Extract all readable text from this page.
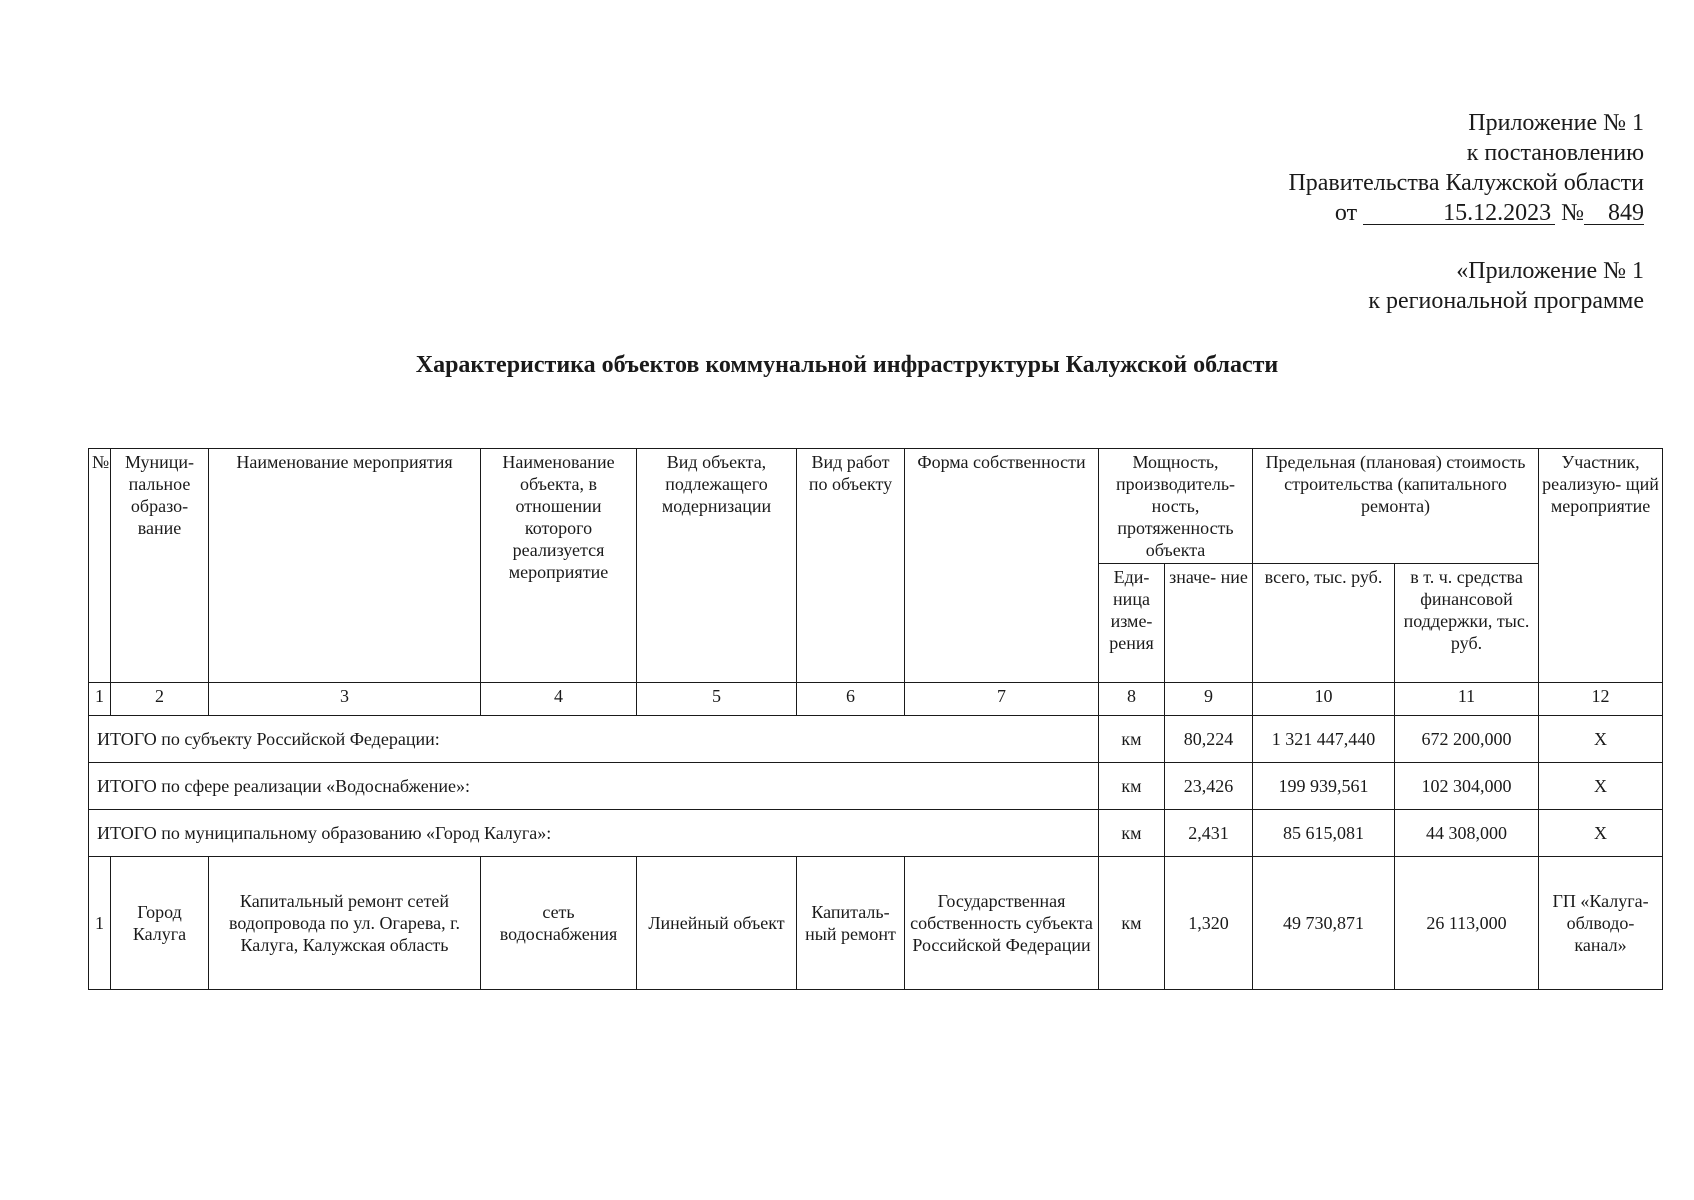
Приложение № 1
к постановлению
Правительства Калужской области
от	15.12.2023 № 849
«Приложение № 1
к региональной программе
Характеристика объектов коммунальной инфраструктуры Калужской области
№	Муници- пальное образо- вание	Наименование мероприятия	Наименование объекта, в отношении которого реализуется мероприятие	Вид объекта, подлежащего модернизации	Вид работ по объекту	Форма собственности	Мощность, производитель- ность, протяженность объекта		Предельная (плановая) стоимость строительства (капитального ремонта)		Участник, реализую- щий мероприятие
							Еди- ница изме- рения	значе- ние	всего, тыс. руб.	в т. ч. средства финансовой поддержки, тыс. руб.	
1	2	3	4	5	6	7	8	9	10	11	12
ИТОГО по субъекту Российской Федерации:							км	80,224	1 321 447,440	672 200,000	Х
ИТОГО по сфере реализации «Водоснабжение»:							км	23,426	199 939,561	102 304,000	Х
ИТОГО по муниципальному образованию «Город Калуга»:							км	2,431	85 615,081	44 308,000	Х
1	Город Калуга	Капитальный ремонт сетей водопровода по ул. Огарева, г. Калуга, Калужская область	сеть водоснабжения	Линейный объект	Капиталь- ный ремонт	Государственная собственность субъекта Российской Федерации	км	1,320	49 730,871	26 113,000	ГП «Калуга- облводо- канал»
